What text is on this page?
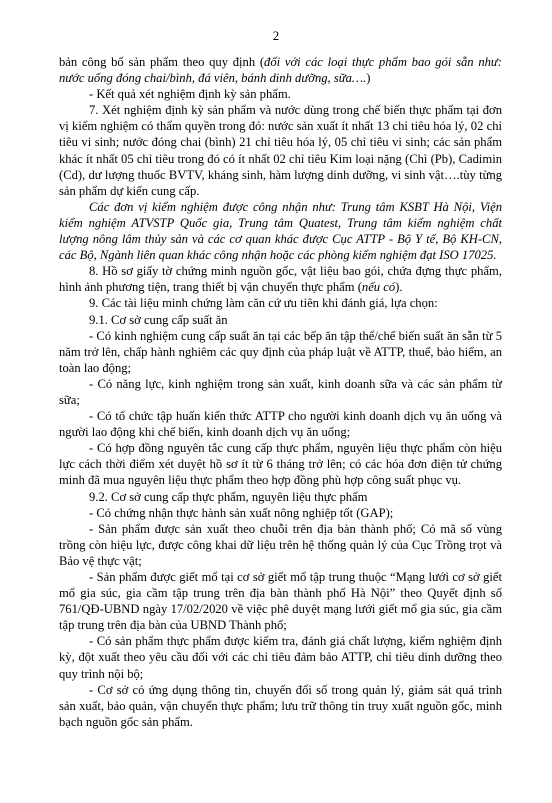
2

bản công bố sản phẩm theo quy định (đối với các loại thực phẩm bao gói sẵn như: nước uống đóng chai/bình, đá viên, bánh dinh dưỡng, sữa….)

- Kết quả xét nghiệm định kỳ sản phẩm.

7. Xét nghiệm định kỳ sản phẩm và nước dùng trong chế biến thực phẩm tại đơn vị kiểm nghiệm có thẩm quyền trong đó: nước sản xuất ít nhất 13 chỉ tiêu hóa lý, 02 chỉ tiêu vi sinh; nước đóng chai (bình) 21 chỉ tiêu hóa lý, 05 chỉ tiêu vi sinh; các sản phẩm khác ít nhất 05 chỉ tiêu trong đó có ít nhất 02 chỉ tiêu Kim loại nặng (Chì (Pb), Cadimin (Cd), dư lượng thuốc BVTV, kháng sinh, hàm lượng dinh dưỡng, vi sinh vật….tùy từng sản phẩm dự kiến cung cấp.

Các đơn vị kiểm nghiệm được công nhận như: Trung tâm KSBT Hà Nội, Viện kiểm nghiệm ATVSTP Quốc gia, Trung tâm Quatest, Trung tâm kiểm nghiệm chất lượng nông lâm thủy sản và các cơ quan khác được Cục ATTP - Bộ Y tế, Bộ KH-CN, các Bộ, Ngành liên quan khác công nhận hoặc các phòng kiểm nghiệm đạt ISO 17025.

8. Hồ sơ giấy tờ chứng minh nguồn gốc, vật liệu bao gói, chứa đựng thực phẩm, hình ảnh phương tiện, trang thiết bị vận chuyển thực phẩm (nếu có).

9. Các tài liệu minh chứng làm căn cứ ưu tiên khi đánh giá, lựa chọn:

9.1. Cơ sở cung cấp suất ăn

- Có kinh nghiệm cung cấp suất ăn tại các bếp ăn tập thể/chế biến suất ăn sẵn từ 5 năm trở lên, chấp hành nghiêm các quy định của pháp luật về ATTP, thuế, bảo hiểm, an toàn lao động;

- Có năng lực, kinh nghiệm trong sản xuất, kinh doanh sữa và các sản phẩm từ sữa;

- Có tổ chức tập huấn kiến thức ATTP cho người kinh doanh dịch vụ ăn uống và người lao động khi chế biến, kinh doanh dịch vụ ăn uống;

- Có hợp đồng nguyên tắc cung cấp thực phẩm, nguyên liệu thực phẩm còn hiệu lực cách thời điểm xét duyệt hồ sơ ít từ 6 tháng trở lên; có các hóa đơn điện tử chứng minh đã mua nguyên liệu thực phẩm theo hợp đồng phù hợp công suất phục vụ.

9.2. Cơ sở cung cấp thực phẩm, nguyên liệu thực phẩm

- Có chứng nhận thực hành sản xuất nông nghiệp tốt (GAP);

- Sản phẩm được sản xuất theo chuỗi trên địa bàn thành phố; Có mã số vùng trồng còn hiệu lực, được công khai dữ liệu trên hệ thống quản lý của Cục Trồng trọt và Bảo vệ thực vật;

- Sản phẩm được giết mổ tại cơ sở giết mổ tập trung thuộc “Mạng lưới cơ sở giết mổ gia súc, gia cầm tập trung trên địa bàn thành phố Hà Nội” theo Quyết định số 761/QĐ-UBND ngày 17/02/2020 về việc phê duyệt mạng lưới giết mổ gia súc, gia cầm tập trung trên địa bàn của UBND Thành phố;

- Có sản phẩm thực phẩm được kiểm tra, đánh giá chất lượng, kiểm nghiệm định kỳ, đột xuất theo yêu cầu đối với các chỉ tiêu đảm bảo ATTP, chỉ tiêu dinh dưỡng theo quy trình nội bộ;

- Cơ sở có ứng dụng thông tin, chuyển đổi số trong quản lý, giám sát quá trình sản xuất, bảo quản, vận chuyển thực phẩm; lưu trữ thông tin truy xuất nguồn gốc, minh bạch nguồn gốc sản phẩm.
